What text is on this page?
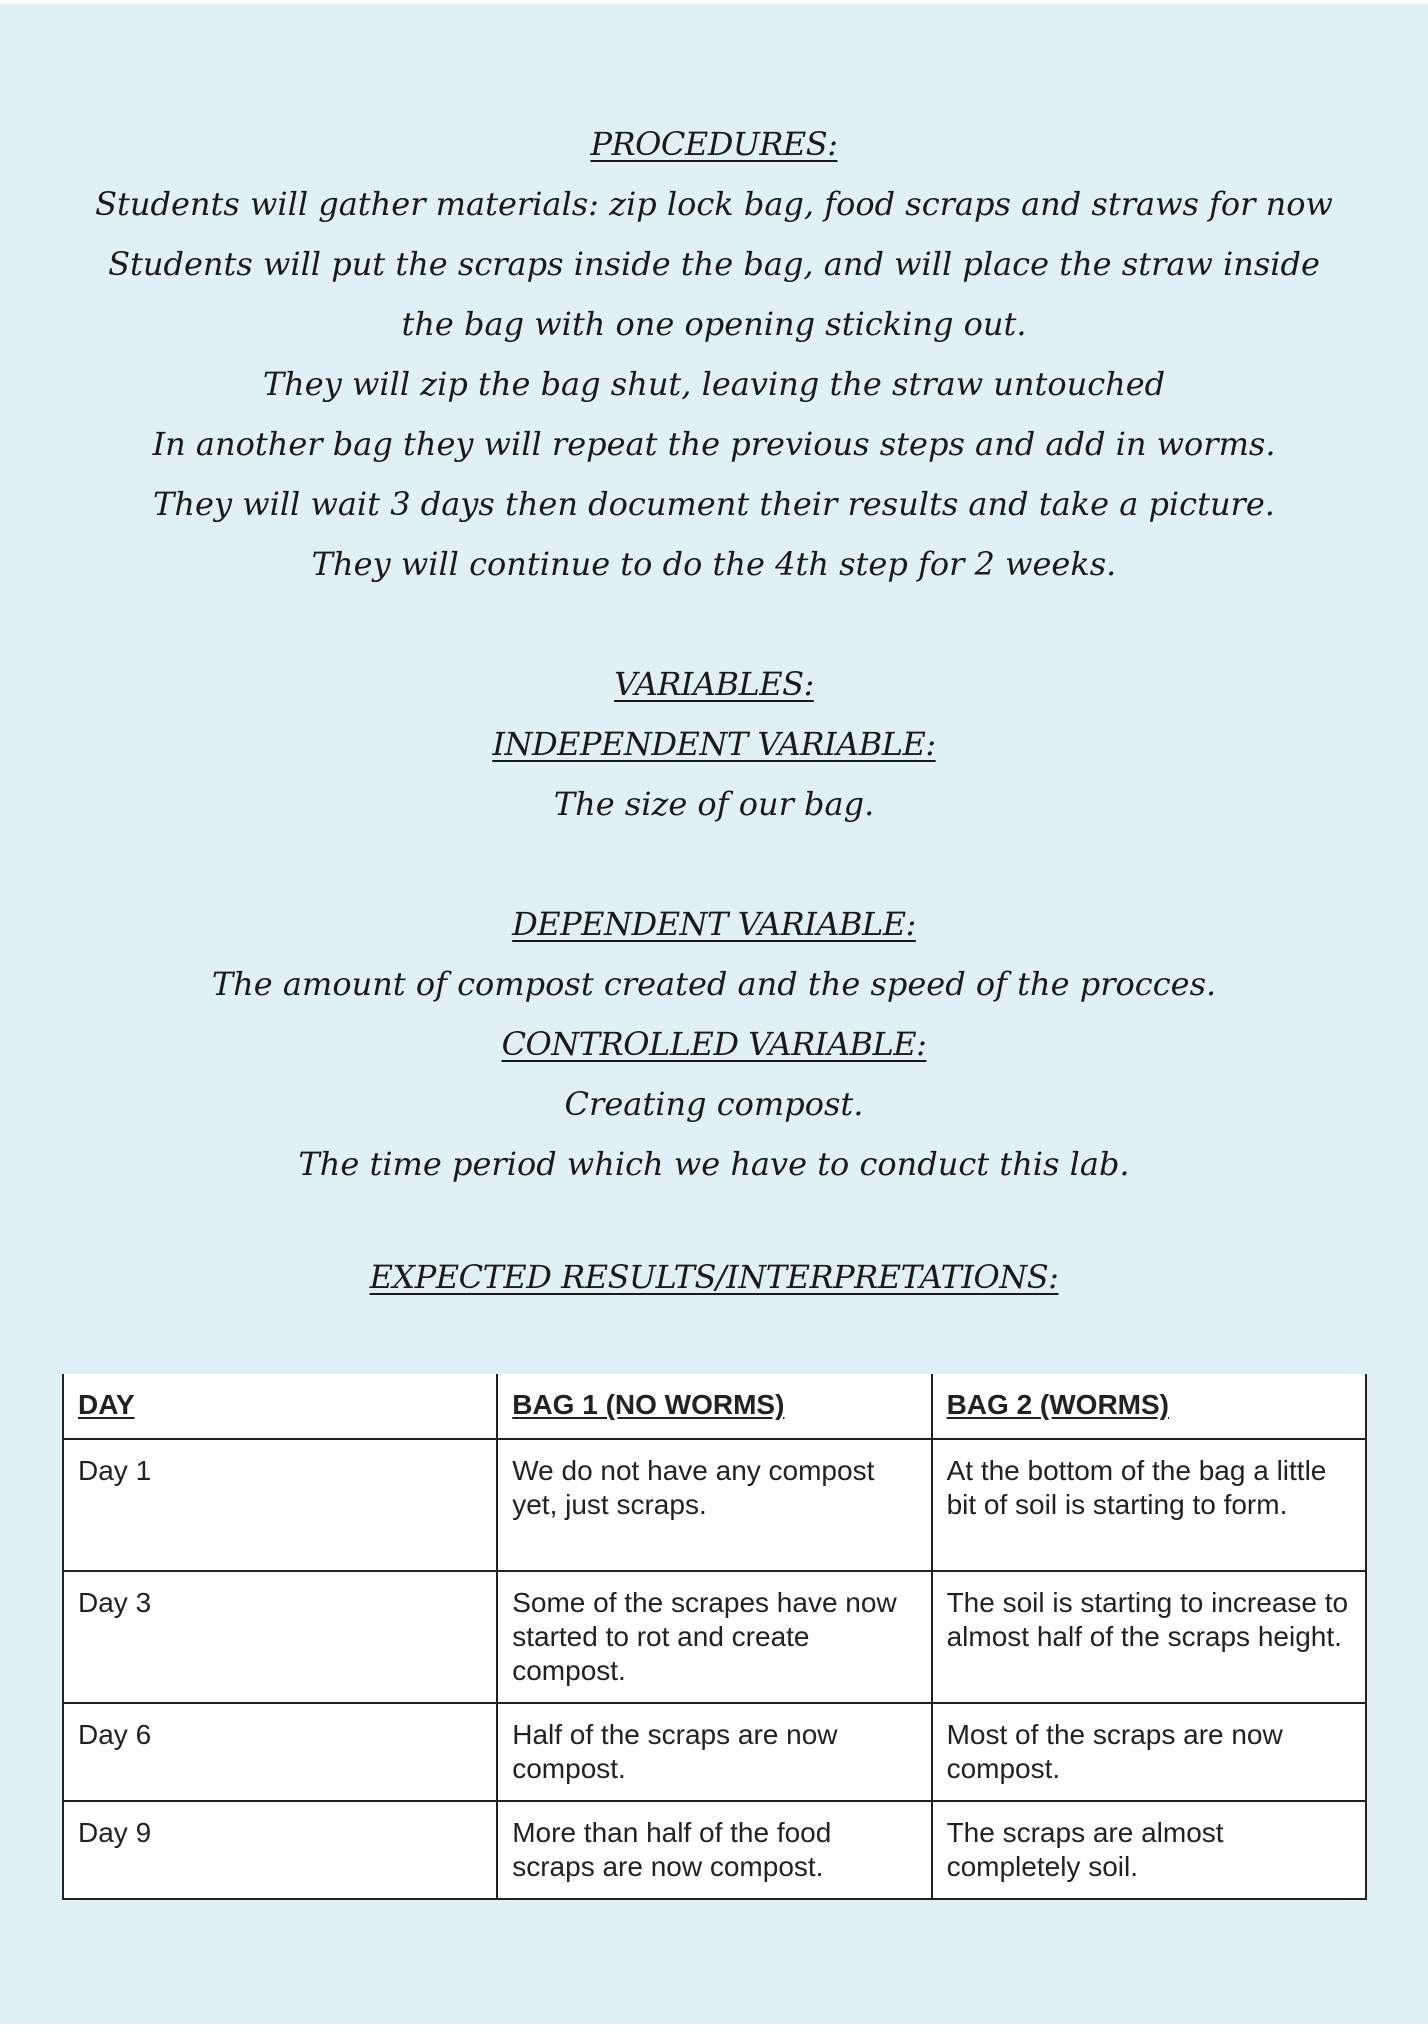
PROCEDURES:
Students will gather materials: zip lock bag, food scraps and straws for now
Students will put the scraps inside the bag, and will place the straw inside the bag with one opening sticking out.
They will zip the bag shut, leaving the straw untouched
In another bag they will repeat the previous steps and add in worms.
They will wait 3 days then document their results and take a picture.
They will continue to do the 4th step for 2 weeks.
VARIABLES:
INDEPENDENT VARIABLE:
The size of our bag.
DEPENDENT VARIABLE:
The amount of compost created and the speed of the procces.
CONTROLLED VARIABLE:
Creating compost.
The time period which we have to conduct this lab.
EXPECTED RESULTS/INTERPRETATIONS:
DAY	BAG 1 (NO WORMS)	BAG 2 (WORMS)
Day 1	We do not have any compost yet, just scraps.	At the bottom of the bag a little bit of soil is starting to form.
Day 3	Some of the scrapes have now started to rot and create compost.	The soil is starting to increase to almost half of the scraps height.
Day 6	Half of the scraps are now compost.	Most of the scraps are now compost.
Day 9	More than half of the food scraps are now compost.	The scraps are almost completely soil.
